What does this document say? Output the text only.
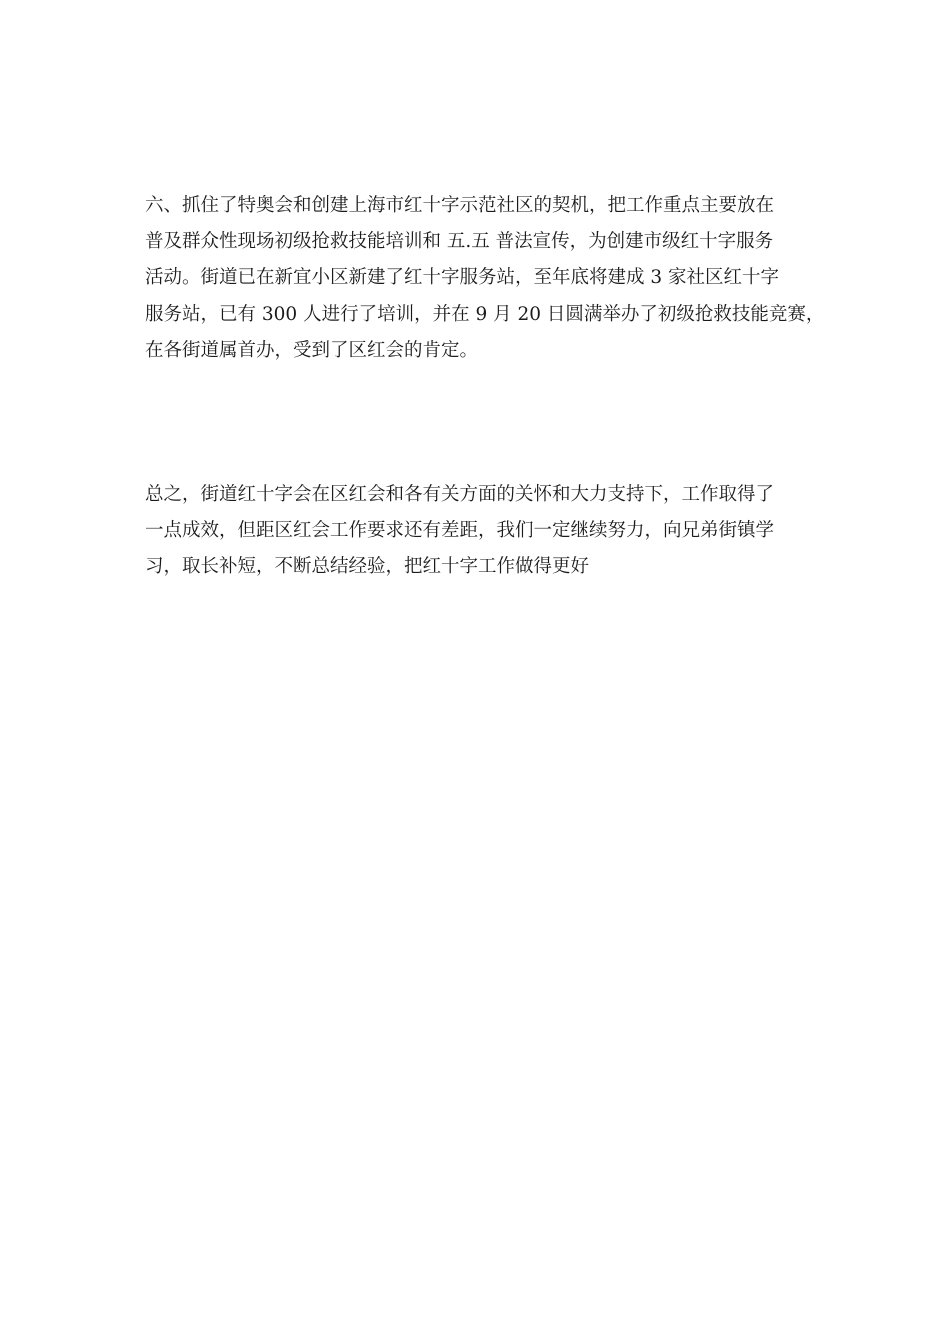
六、抓住了特奥会和创建上海市红十字示范社区的契机，把工作重点主要放在
普及群众性现场初级抢救技能培训和 五.五 普法宣传，为创建市级红十字服务
活动。街道已在新宜小区新建了红十字服务站，至年底将建成 3 家社区红十字
服务站，已有 300 人进行了培训，并在 9 月 20 日圆满举办了初级抢救技能竞赛，
在各街道属首办，受到了区红会的肯定。
总之，街道红十字会在区红会和各有关方面的关怀和大力支持下，工作取得了
一点成效，但距区红会工作要求还有差距，我们一定继续努力，向兄弟街镇学
习，取长补短，不断总结经验，把红十字工作做得更好
